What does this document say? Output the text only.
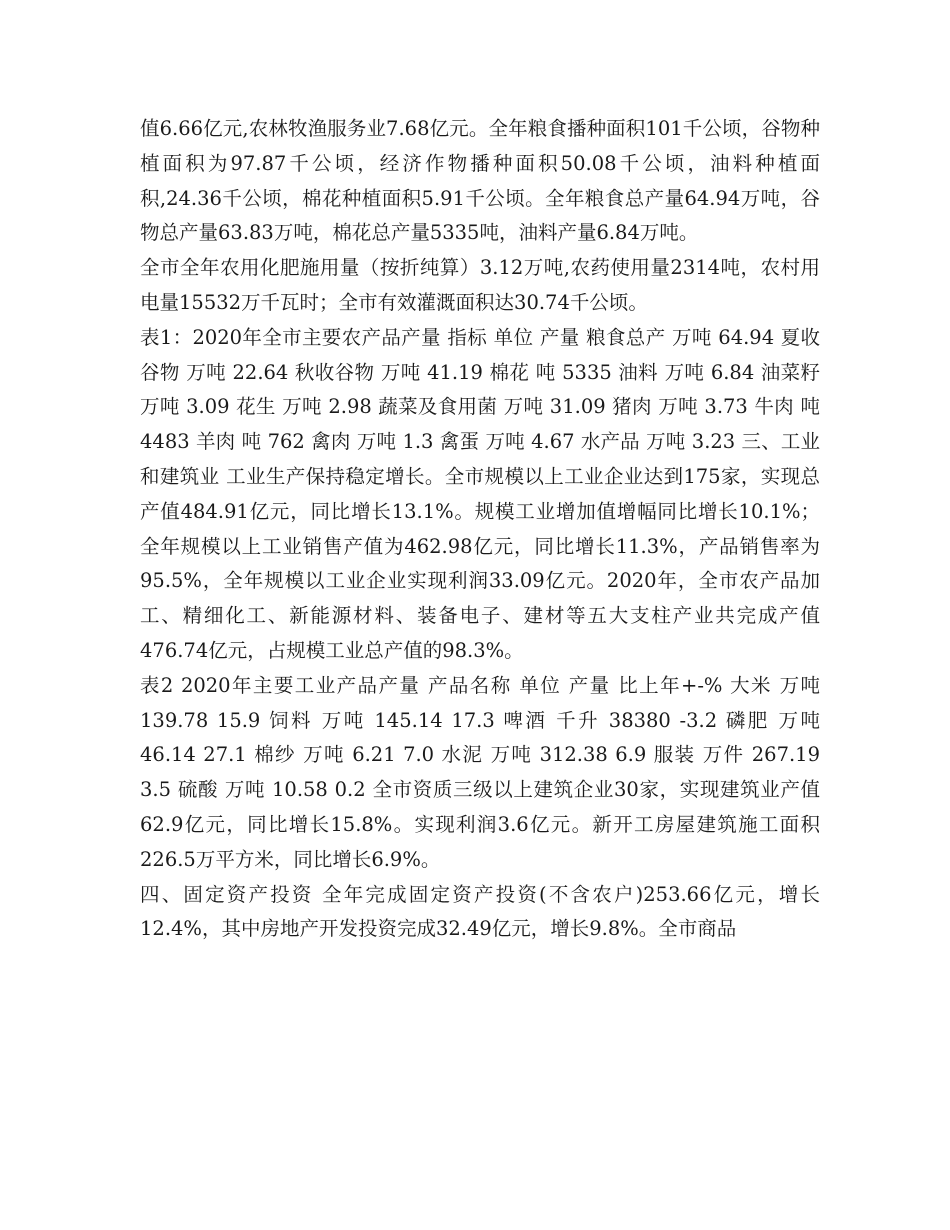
值6.66亿元,农林牧渔服务业7.68亿元。全年粮食播种面积101千公顷，谷物种植面积为97.87千公顷，经济作物播种面积50.08千公顷，油料种植面积,24.36千公顷，棉花种植面积5.91千公顷。全年粮食总产量64.94万吨，谷物总产量63.83万吨，棉花总产量5335吨，油料产量6.84万吨。

全市全年农用化肥施用量（按折纯算）3.12万吨,农药使用量2314吨，农村用电量15532万千瓦时；全市有效灌溉面积达30.74千公顷。

表1：2020年全市主要农产品产量 指标 单位 产量 粮食总产 万吨 64.94 夏收谷物 万吨 22.64 秋收谷物 万吨 41.19 棉花 吨 5335 油料 万吨 6.84 油菜籽 万吨 3.09 花生 万吨 2.98 蔬菜及食用菌 万吨 31.09 猪肉 万吨 3.73 牛肉 吨 4483 羊肉 吨 762 禽肉 万吨 1.3 禽蛋 万吨 4.67 水产品 万吨 3.23 三、工业和建筑业 工业生产保持稳定增长。全市规模以上工业企业达到175家，实现总产值484.91亿元，同比增长13.1%。规模工业增加值增幅同比增长10.1%； 全年规模以上工业销售产值为462.98亿元，同比增长11.3%，产品销售率为95.5%，全年规模以工业企业实现利润33.09亿元。2020年，全市农产品加工、精细化工、新能源材料、装备电子、建材等五大支柱产业共完成产值476.74亿元，占规模工业总产值的98.3%。

表2 2020年主要工业产品产量 产品名称 单位 产量 比上年+-% 大米 万吨 139.78 15.9 饲料 万吨 145.14 17.3 啤酒 千升 38380 -3.2 磷肥 万吨 46.14 27.1 棉纱 万吨 6.21 7.0 水泥 万吨 312.38 6.9 服装 万件 267.19 3.5 硫酸 万吨 10.58 0.2 全市资质三级以上建筑企业30家，实现建筑业产值62.9亿元，同比增长15.8%。实现利润3.6亿元。新开工房屋建筑施工面积226.5万平方米，同比增长6.9%。

四、固定资产投资 全年完成固定资产投资(不含农户)253.66亿元，增长12.4%，其中房地产开发投资完成32.49亿元，增长9.8%。全市商品
